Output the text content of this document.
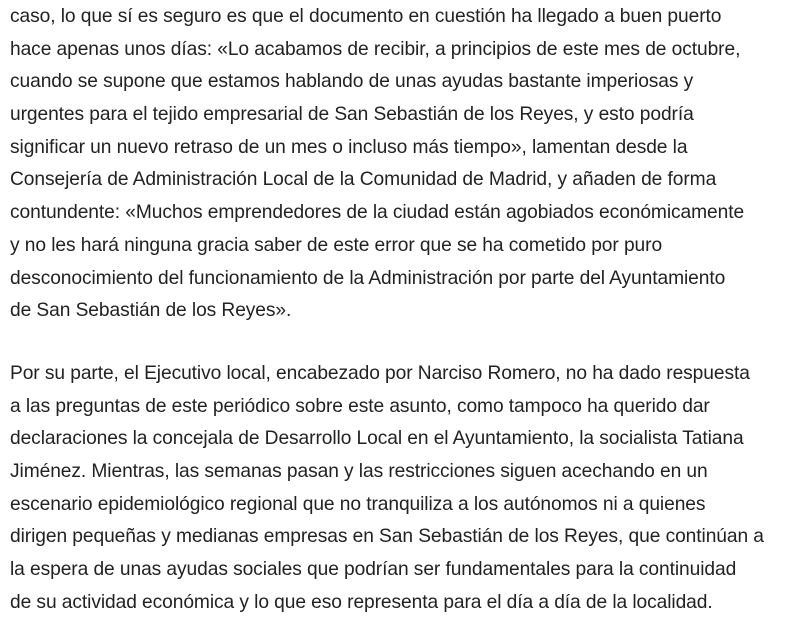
caso, lo que sí es seguro es que el documento en cuestión ha llegado a buen puerto
hace apenas unos días: «Lo acabamos de recibir, a principios de este mes de octubre,
cuando se supone que estamos hablando de unas ayudas bastante imperiosas y
urgentes para el tejido empresarial de San Sebastián de los Reyes, y esto podría
significar un nuevo retraso de un mes o incluso más tiempo», lamentan desde la
Consejería de Administración Local de la Comunidad de Madrid, y añaden de forma
contundente: «Muchos emprendedores de la ciudad están agobiados económicamente
y no les hará ninguna gracia saber de este error que se ha cometido por puro
desconocimiento del funcionamiento de la Administración por parte del Ayuntamiento
de San Sebastián de los Reyes».

Por su parte, el Ejecutivo local, encabezado por Narciso Romero, no ha dado respuesta
a las preguntas de este periódico sobre este asunto, como tampoco ha querido dar
declaraciones la concejala de Desarrollo Local en el Ayuntamiento, la socialista Tatiana
Jiménez. Mientras, las semanas pasan y las restricciones siguen acechando en un
escenario epidemiológico regional que no tranquiliza a los autónomos ni a quienes
dirigen pequeñas y medianas empresas en San Sebastián de los Reyes, que continúan a
la espera de unas ayudas sociales que podrían ser fundamentales para la continuidad
de su actividad económica y lo que eso representa para el día a día de la localidad.
